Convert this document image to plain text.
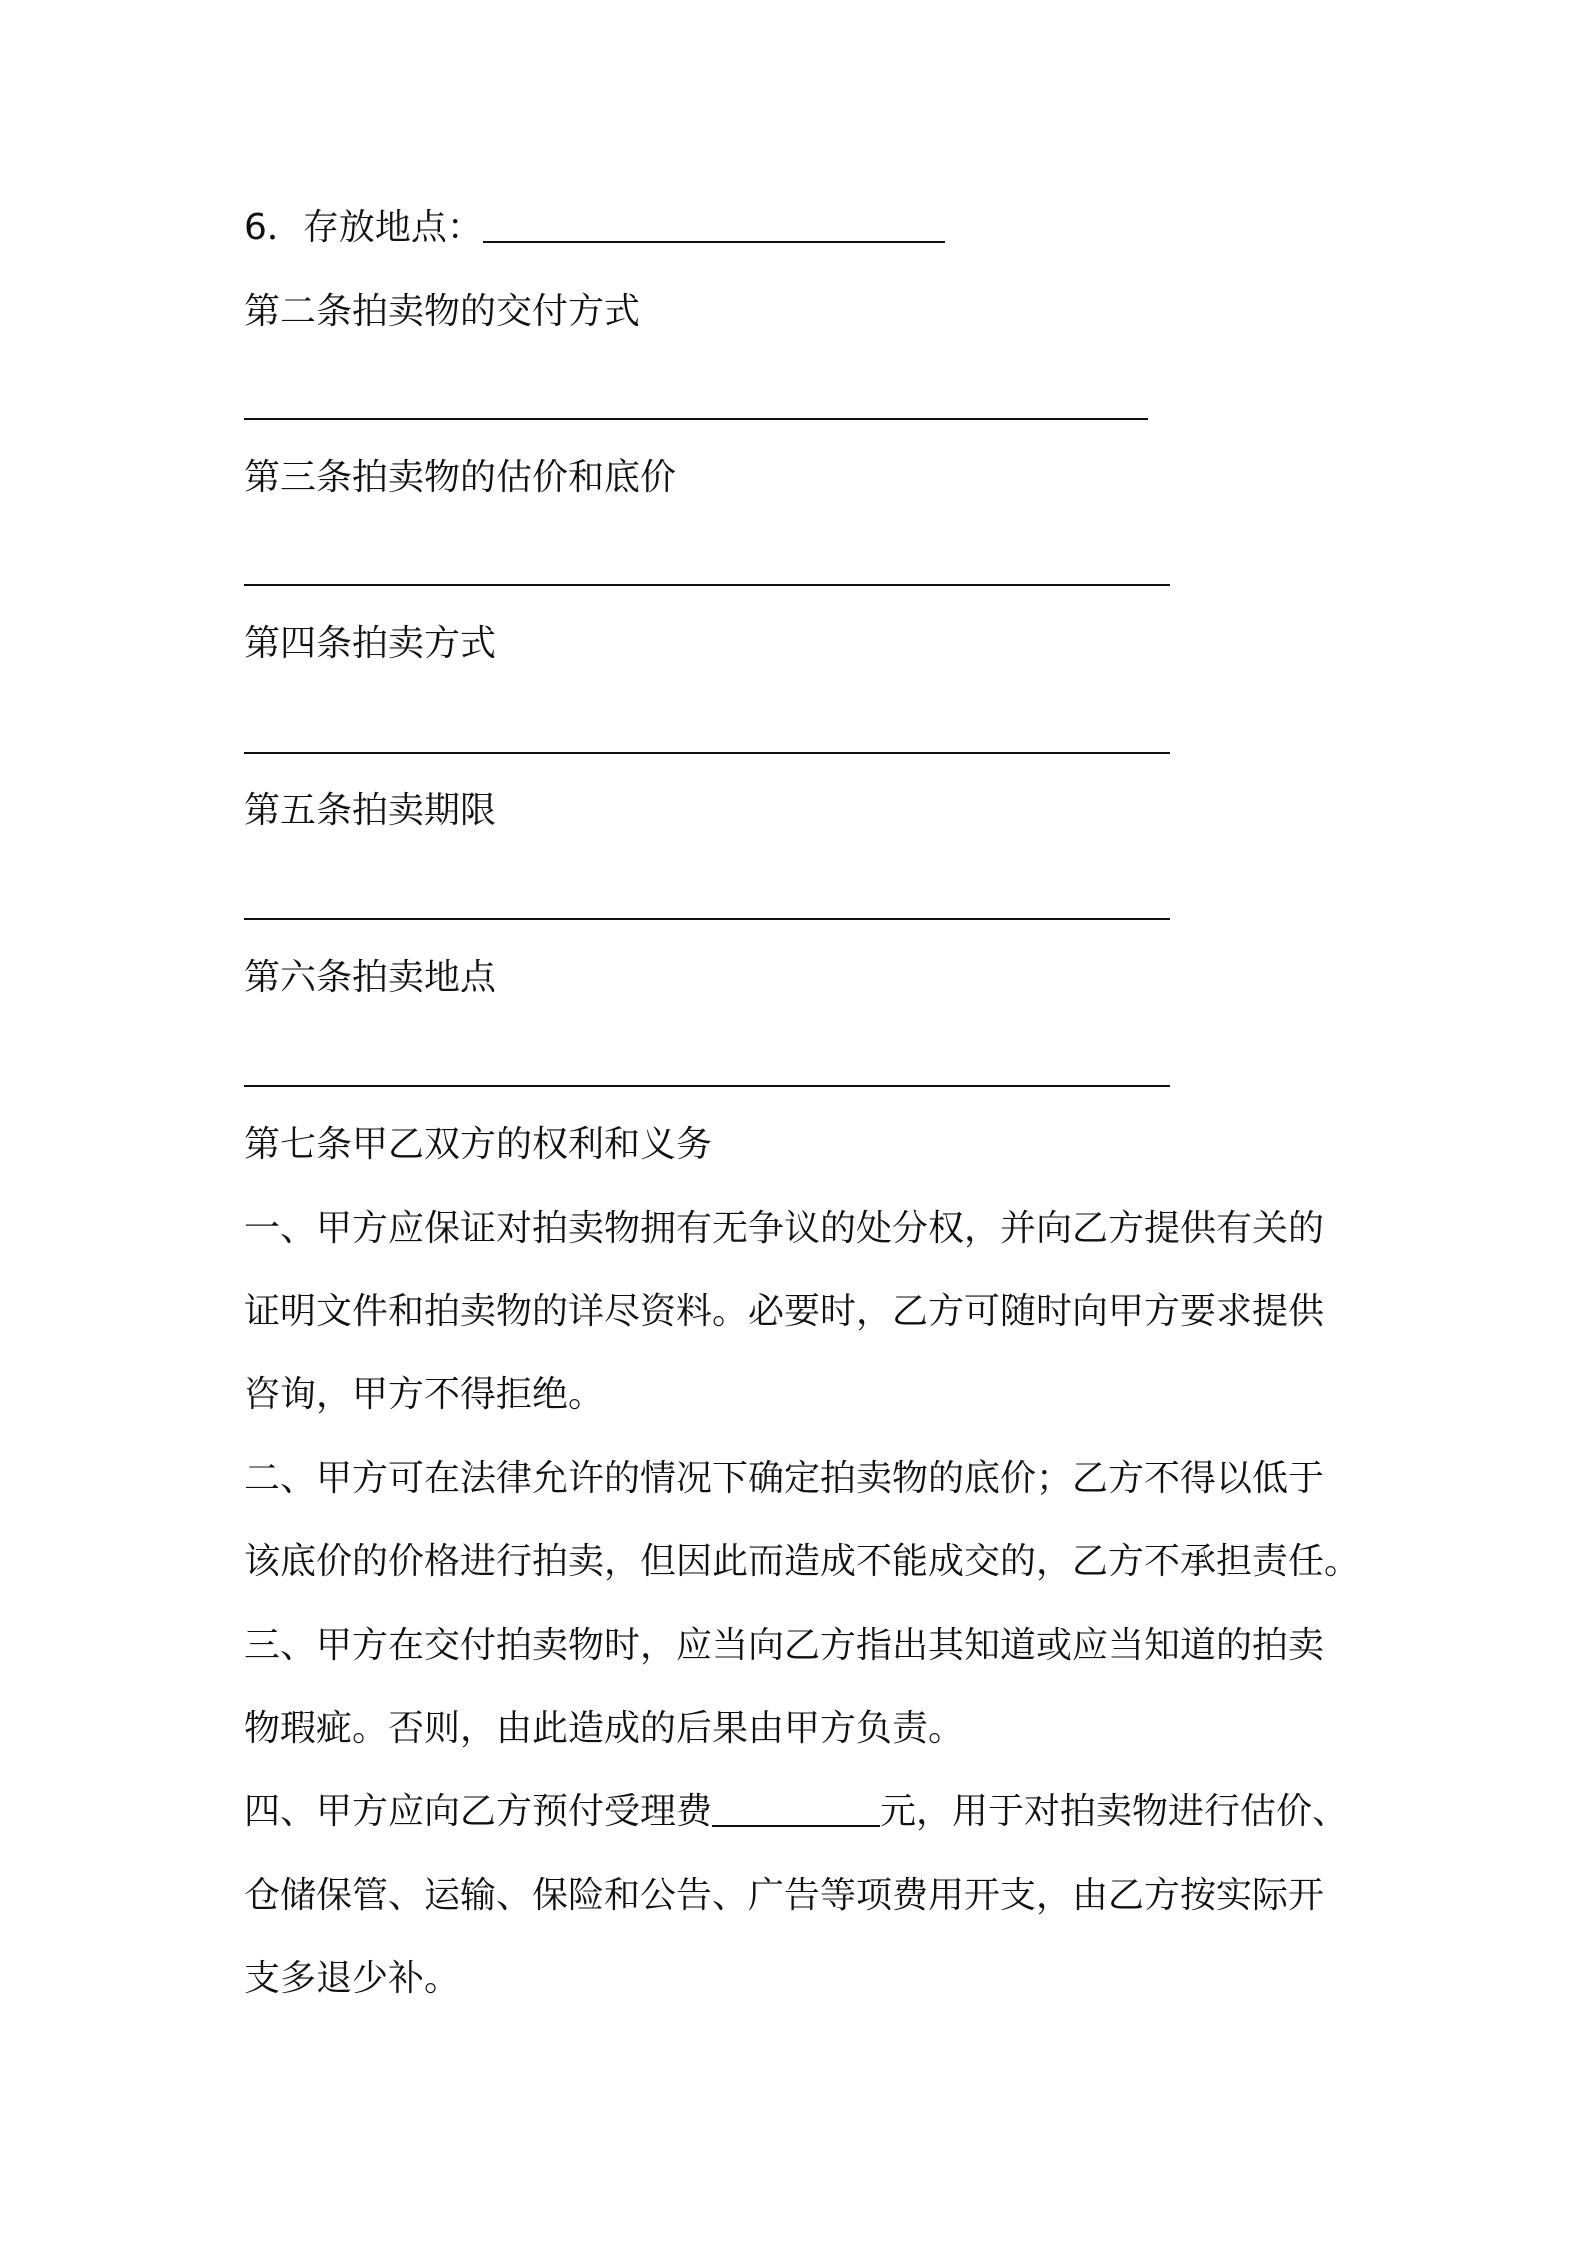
6．存放地点：
第二条拍卖物的交付方式
第三条拍卖物的估价和底价
第四条拍卖方式
第五条拍卖期限
第六条拍卖地点
第七条甲乙双方的权利和义务
一、甲方应保证对拍卖物拥有无争议的处分权，并向乙方提供有关的
证明文件和拍卖物的详尽资料。必要时，乙方可随时向甲方要求提供
咨询，甲方不得拒绝。
二、甲方可在法律允许的情况下确定拍卖物的底价；乙方不得以低于
该底价的价格进行拍卖，但因此而造成不能成交的，乙方不承担责任。
三、甲方在交付拍卖物时，应当向乙方指出其知道或应当知道的拍卖
物瑕疵。否则，由此造成的后果由甲方负责。
四、甲方应向乙方预付受理费	元，用于对拍卖物进行估价、
仓储保管、运输、保险和公告、广告等项费用开支，由乙方按实际开
支多退少补。
